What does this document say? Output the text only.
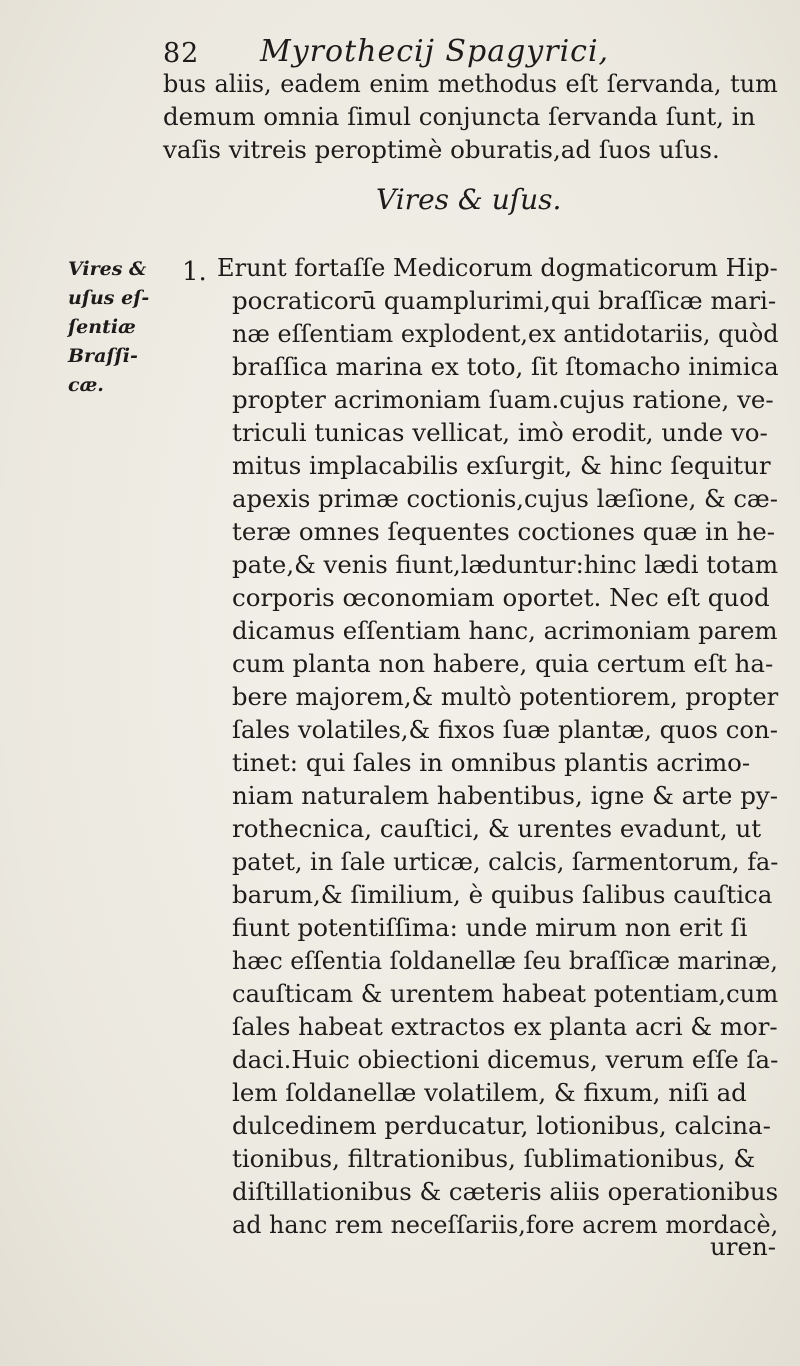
82 Myrothecij Spagyrici,
bus aliis, eadem enim methodus eſt ſervanda, tum
demum omnia ſimul conjuncta ſervanda ſunt, in
vaſis vitreis peroptimè oburatis,ad ſuos uſus.
Vires & uſus.
Vires &
uſus eſ-
ſentiæ
Braſſi-
cæ.
1. Erunt fortaſſe Medicorum dogmaticorum Hip-
pocraticorū quamplurimi,qui braſſicæ mari-
næ eſſentiam explodent,ex antidotariis, quòd
braſſica marina ex toto, ſit ſtomacho inimica
propter acrimoniam ſuam.cujus ratione, ve-
triculi tunicas vellicat, imò erodit, unde vo-
mitus implacabilis exſurgit, & hinc ſequitur
apexis primæ coctionis,cujus læſione, & cæ-
teræ omnes ſequentes coctiones quæ in he-
pate,& venis fiunt,læduntur:hinc lædi totam
corporis œconomiam oportet. Nec eſt quod
dicamus eſſentiam hanc, acrimoniam parem
cum planta non habere, quia certum eſt ha-
bere majorem,& multò potentiorem, propter
ſales volatiles,& fixos ſuæ plantæ, quos con-
tinet: qui ſales in omnibus plantis acrimo-
niam naturalem habentibus, igne & arte py-
rothecnica, cauſtici, & urentes evadunt, ut
patet, in ſale urticæ, calcis, ſarmentorum, fa-
barum,& ſimilium, è quibus ſalibus cauſtica
fiunt potentiſſima: unde mirum non erit ſi
hæc eſſentia ſoldanellæ ſeu braſſicæ marinæ,
cauſticam & urentem habeat potentiam,cum
ſales habeat extractos ex planta acri & mor-
daci.Huic obiectioni dicemus, verum eſſe ſa-
lem ſoldanellæ volatilem, & fixum, niſi ad
dulcedinem perducatur, lotionibus, calcina-
tionibus, filtrationibus, ſublimationibus, &
diſtillationibus & cæteris aliis operationibus
ad hanc rem neceſſariis,fore acrem mordacè,
uren-
